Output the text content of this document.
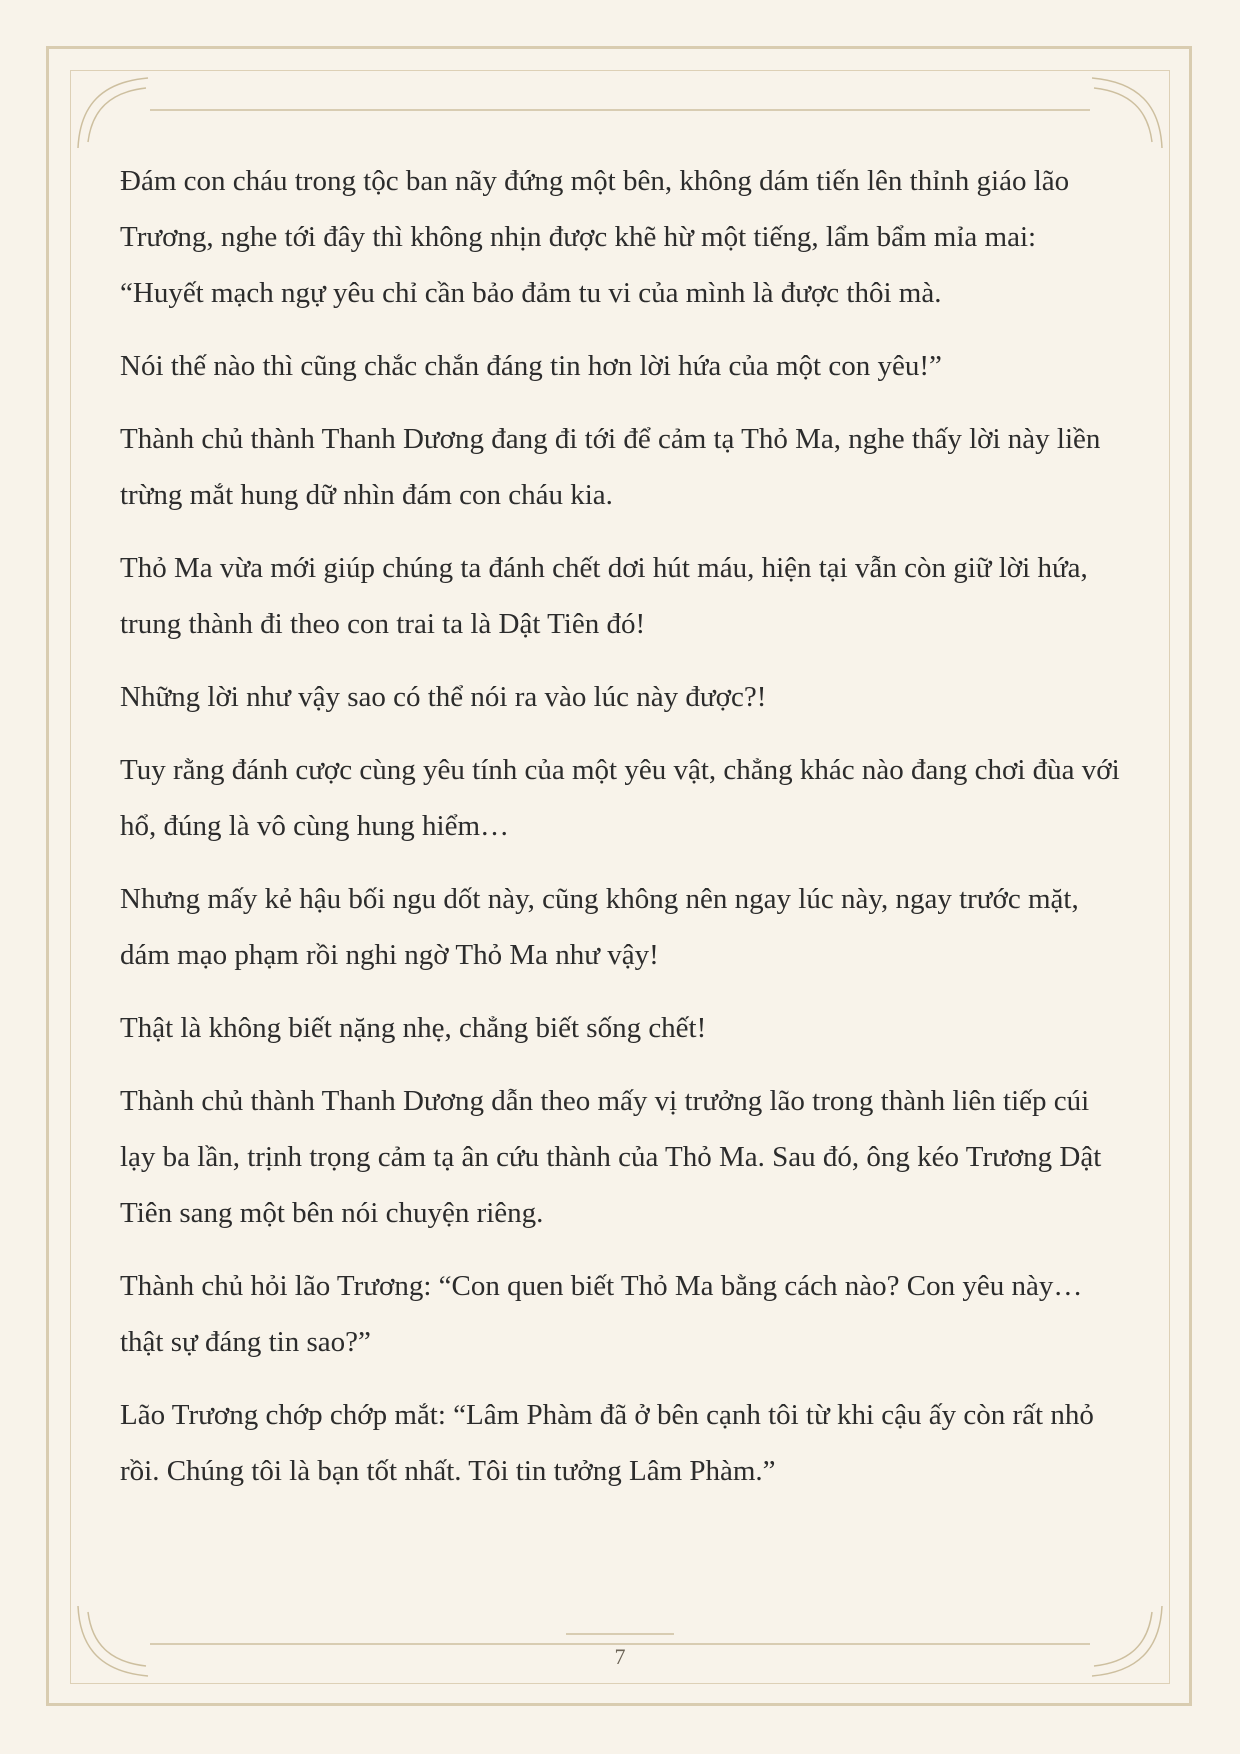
Đám con cháu trong tộc ban nãy đứng một bên, không dám tiến lên thỉnh giáo lão Trương, nghe tới đây thì không nhịn được khẽ hừ một tiếng, lẩm bẩm mỉa mai: “Huyết mạch ngự yêu chỉ cần bảo đảm tu vi của mình là được thôi mà.

Nói thế nào thì cũng chắc chắn đáng tin hơn lời hứa của một con yêu!”

Thành chủ thành Thanh Dương đang đi tới để cảm tạ Thỏ Ma, nghe thấy lời này liền trừng mắt hung dữ nhìn đám con cháu kia.

Thỏ Ma vừa mới giúp chúng ta đánh chết dơi hút máu, hiện tại vẫn còn giữ lời hứa, trung thành đi theo con trai ta là Dật Tiên đó!

Những lời như vậy sao có thể nói ra vào lúc này được?!

Tuy rằng đánh cược cùng yêu tính của một yêu vật, chẳng khác nào đang chơi đùa với hổ, đúng là vô cùng hung hiểm…

Nhưng mấy kẻ hậu bối ngu dốt này, cũng không nên ngay lúc này, ngay trước mặt, dám mạo phạm rồi nghi ngờ Thỏ Ma như vậy!

Thật là không biết nặng nhẹ, chẳng biết sống chết!

Thành chủ thành Thanh Dương dẫn theo mấy vị trưởng lão trong thành liên tiếp cúi lạy ba lần, trịnh trọng cảm tạ ân cứu thành của Thỏ Ma. Sau đó, ông kéo Trương Dật Tiên sang một bên nói chuyện riêng.

Thành chủ hỏi lão Trương: “Con quen biết Thỏ Ma bằng cách nào? Con yêu này… thật sự đáng tin sao?”

Lão Trương chớp chớp mắt: “Lâm Phàm đã ở bên cạnh tôi từ khi cậu ấy còn rất nhỏ rồi. Chúng tôi là bạn tốt nhất. Tôi tin tưởng Lâm Phàm.”

7
